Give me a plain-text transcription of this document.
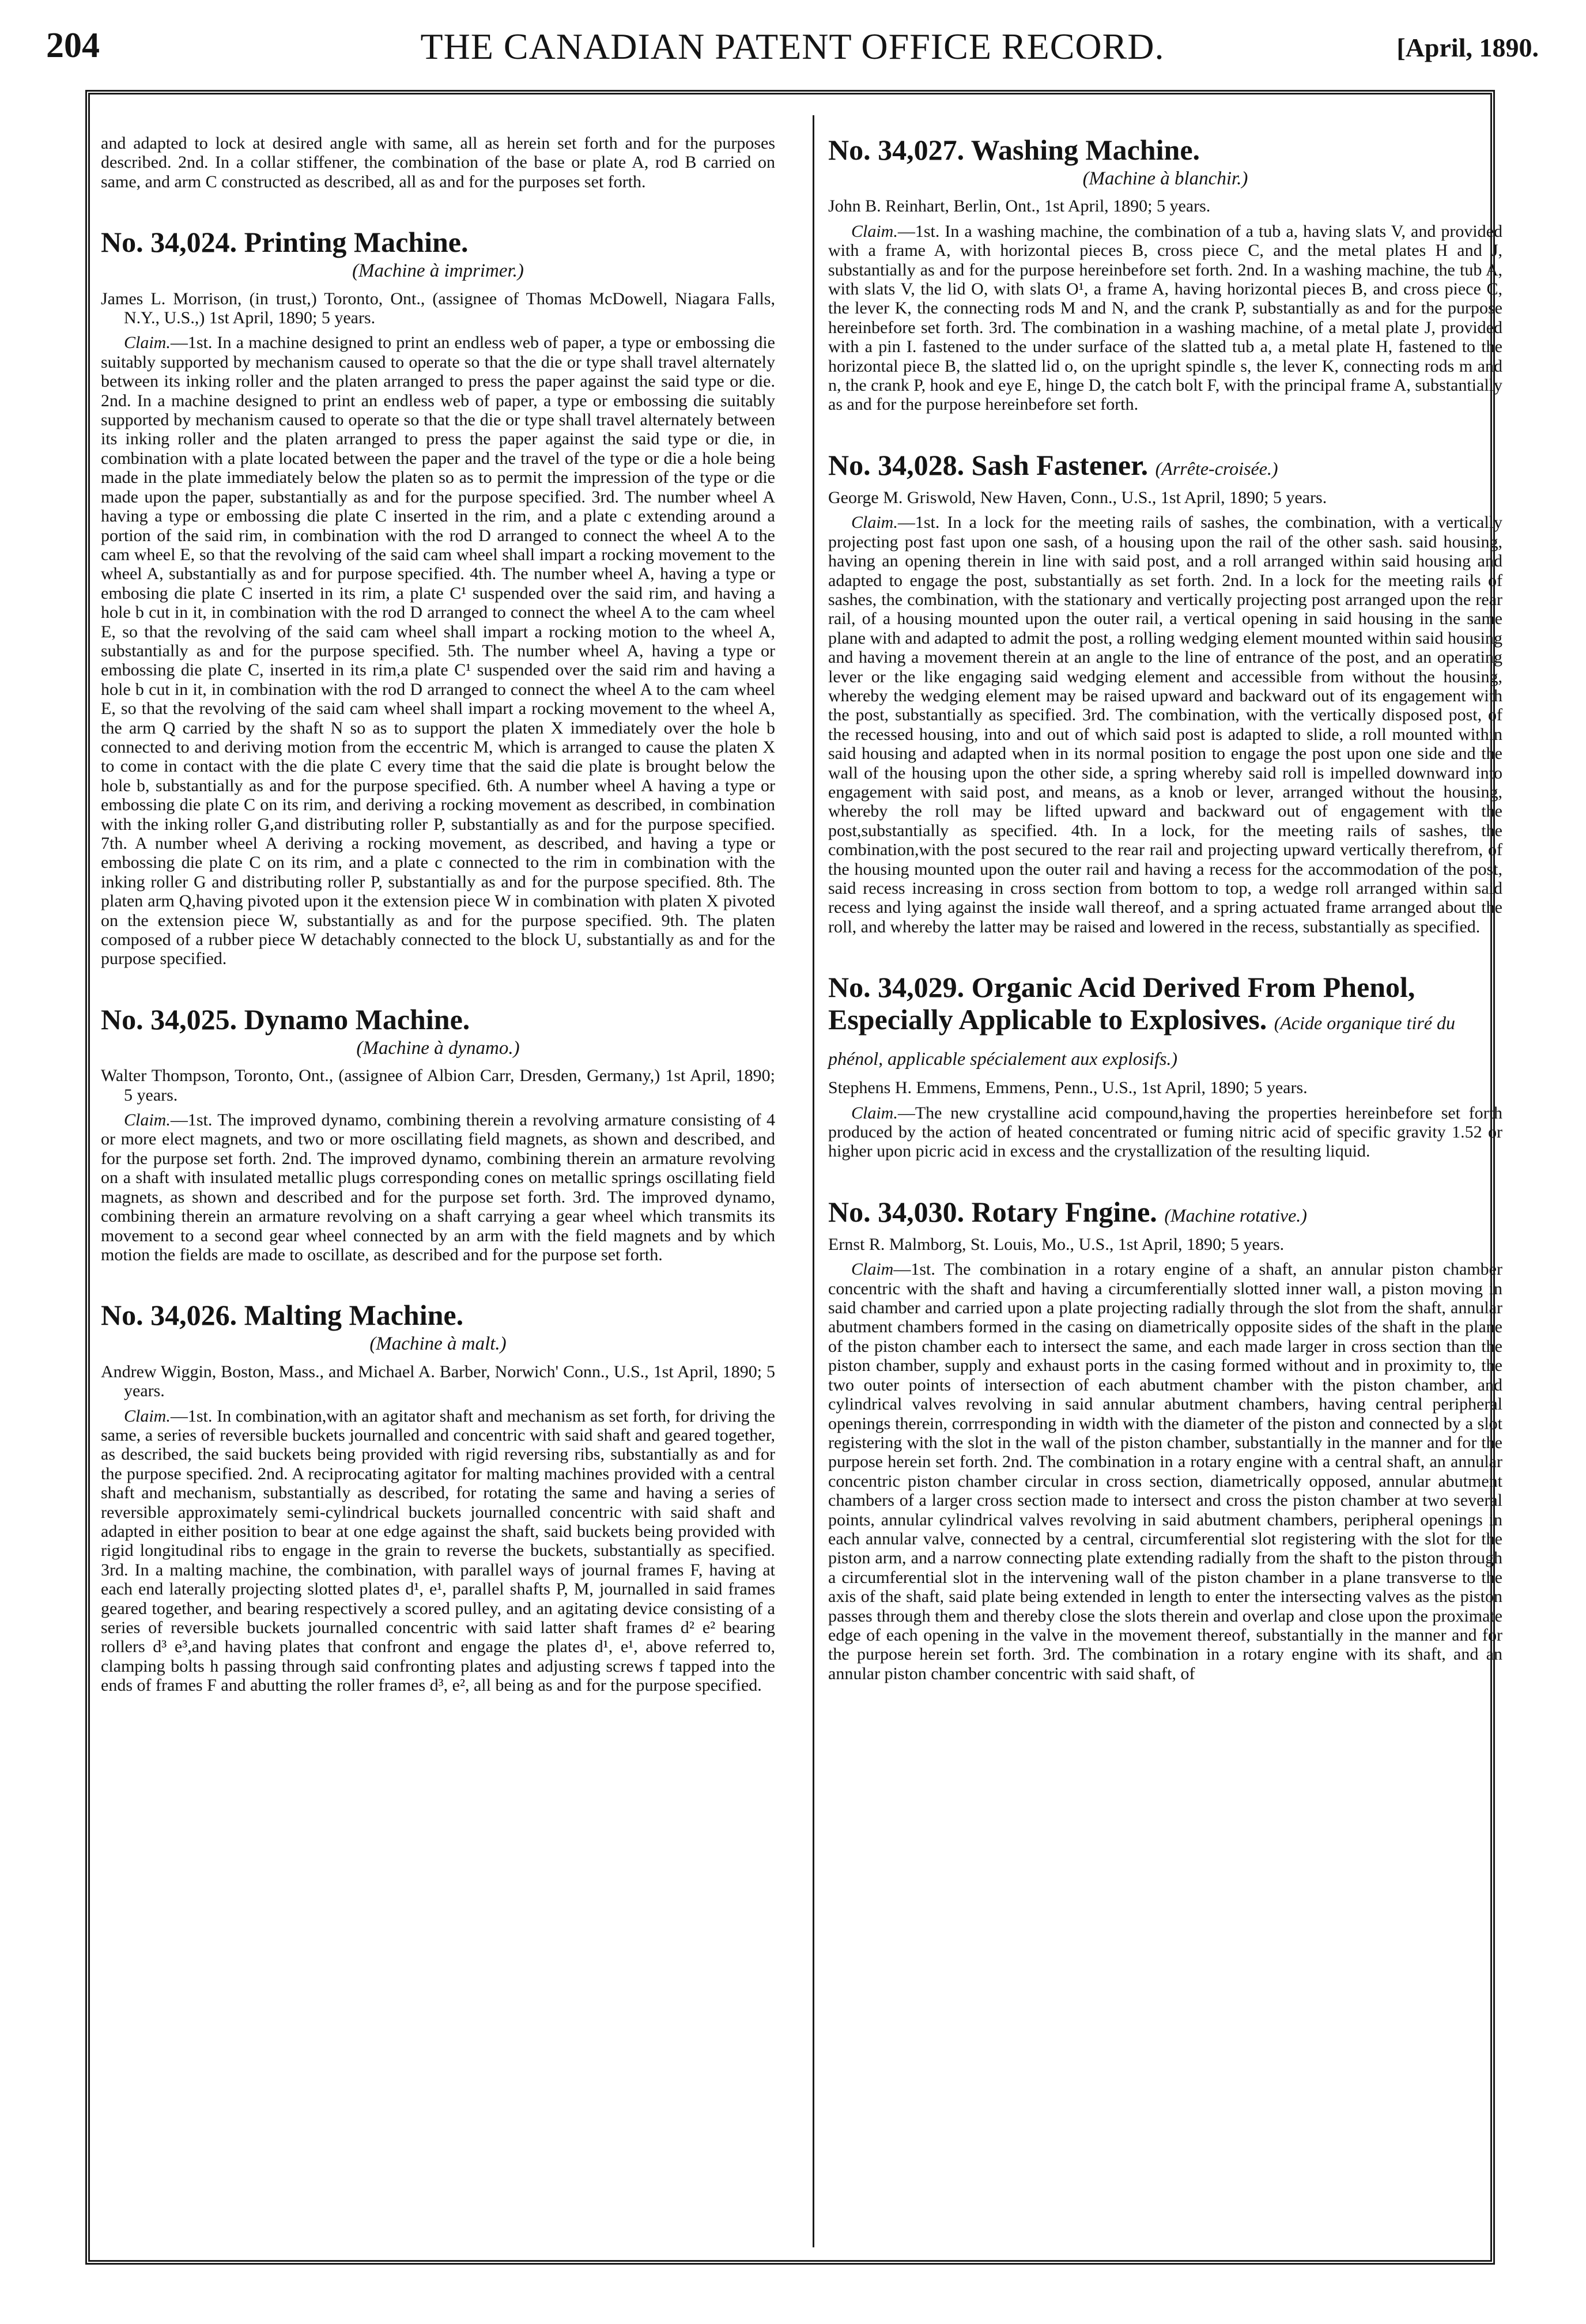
204	THE CANADIAN PATENT OFFICE RECORD.	[April, 1890.

and adapted to lock at desired angle with same, all as herein set forth and for the purposes described. 2nd. In a collar stiffener, the combination of the base or plate A, rod B carried on same, and arm C constructed as described, all as and for the purposes set forth.

No. 34,024. Printing Machine.
(Machine à imprimer.)

James L. Morrison, (in trust,) Toronto, Ont., (assignee of Thomas McDowell, Niagara Falls, N.Y., U.S.,) 1st April, 1890; 5 years.

Claim.—1st. In a machine designed to print an endless web of paper, a type or embossing die suitably supported by mechanism caused to operate so that the die or type shall travel alternately between its inking roller and the platen arranged to press the paper against the said type or die. 2nd. In a machine designed to print an endless web of paper, a type or embossing die suitably supported by mechanism caused to operate so that the die or type shall travel alternately between its inking roller and the platen arranged to press the paper against the said type or die, in combination with a plate located between the paper and the travel of the type or die a hole being made in the plate immediately below the platen so as to permit the impression of the type or die made upon the paper, substantially as and for the purpose specified. 3rd. The number wheel A having a type or embossing die plate C inserted in the rim, and a plate c extending around a portion of the said rim, in combination with the rod D arranged to connect the wheel A to the cam wheel E, so that the revolving of the said cam wheel shall impart a rocking movement to the wheel A, substantially as and for purpose specified. 4th. The number wheel A, having a type or embosing die plate C inserted in its rim, a plate C¹ suspended over the said rim, and having a hole b cut in it, in combination with the rod D arranged to connect the wheel A to the cam wheel E, so that the revolving of the said cam wheel shall impart a rocking motion to the wheel A, substantially as and for the purpose specified. 5th. The number wheel A, having a type or embossing die plate C, inserted in its rim,a plate C¹ suspended over the said rim and having a hole b cut in it, in combination with the rod D arranged to connect the wheel A to the cam wheel E, so that the revolving of the said cam wheel shall impart a rocking movement to the wheel A, the arm Q carried by the shaft N so as to support the platen X immediately over the hole b connected to and deriving motion from the eccentric M, which is arranged to cause the platen X to come in contact with the die plate C every time that the said die plate is brought below the hole b, substantially as and for the purpose specified. 6th. A number wheel A having a type or embossing die plate C on its rim, and deriving a rocking movement as described, in combination with the inking roller G,and distributing roller P, substantially as and for the purpose specified. 7th. A number wheel A deriving a rocking movement, as described, and having a type or embossing die plate C on its rim, and a plate c connected to the rim in combination with the inking roller G and distributing roller P, substantially as and for the purpose specified. 8th. The platen arm Q,having pivoted upon it the extension piece W in combination with platen X pivoted on the extension piece W, substantially as and for the purpose specified. 9th. The platen composed of a rubber piece W detachably connected to the block U, substantially as and for the purpose specified.

No. 34,025. Dynamo Machine.
(Machine à dynamo.)

Walter Thompson, Toronto, Ont., (assignee of Albion Carr, Dresden, Germany,) 1st April, 1890; 5 years.

Claim.—1st. The improved dynamo, combining therein a revolving armature consisting of 4 or more elect magnets, and two or more oscillating field magnets, as shown and described, and for the purpose set forth. 2nd. The improved dynamo, combining therein an armature revolving on a shaft with insulated metallic plugs corresponding cones on metallic springs oscillating field magnets, as shown and described and for the purpose set forth. 3rd. The improved dynamo, combining therein an armature revolving on a shaft carrying a gear wheel which transmits its movement to a second gear wheel connected by an arm with the field magnets and by which motion the fields are made to oscillate, as described and for the purpose set forth.

No. 34,026. Malting Machine.
(Machine à malt.)

Andrew Wiggin, Boston, Mass., and Michael A. Barber, Norwich' Conn., U.S., 1st April, 1890; 5 years.

Claim.—1st. In combination,with an agitator shaft and mechanism as set forth, for driving the same, a series of reversible buckets journalled and concentric with said shaft and geared together, as described, the said buckets being provided with rigid reversing ribs, substantially as and for the purpose specified. 2nd. A reciprocating agitator for malting machines provided with a central shaft and mechanism, substantially as described, for rotating the same and having a series of reversible approximately semi-cylindrical buckets journalled concentric with said shaft and adapted in either position to bear at one edge against the shaft, said buckets being provided with rigid longitudinal ribs to engage in the grain to reverse the buckets, substantially as specified. 3rd. In a malting machine, the combination, with parallel ways of journal frames F, having at each end laterally projecting slotted plates d¹, e¹, parallel shafts P, M, journalled in said frames geared together, and bearing respectively a scored pulley, and an agitating device consisting of a series of reversible buckets journalled concentric with said latter shaft frames d² e² bearing rollers d³ e³,and having plates that confront and engage the plates d¹, e¹, above referred to, clamping bolts h passing through said confronting plates and adjusting screws f tapped into the ends of frames F and abutting the roller frames d³, e², all being as and for the purpose specified.

No. 34,027. Washing Machine.
(Machine à blanchir.)

John B. Reinhart, Berlin, Ont., 1st April, 1890; 5 years.

Claim.—1st. In a washing machine, the combination of a tub a, having slats V, and provided with a frame A, with horizontal pieces B, cross piece C, and the metal plates H and J, substantially as and for the purpose hereinbefore set forth. 2nd. In a washing machine, the tub A, with slats V, the lid O, with slats O¹, a frame A, having horizontal pieces B, and cross piece C, the lever K, the connecting rods M and N, and the crank P, substantially as and for the purpose hereinbefore set forth. 3rd. The combination in a washing machine, of a metal plate J, provided with a pin I. fastened to the under surface of the slatted tub a, a metal plate H, fastened to the horizontal piece B, the slatted lid o, on the upright spindle s, the lever K, connecting rods m and n, the crank P, hook and eye E, hinge D, the catch bolt F, with the principal frame A, substantially as and for the purpose hereinbefore set forth.

No. 34,028. Sash Fastener. (Arrête-croisée.)

George M. Griswold, New Haven, Conn., U.S., 1st April, 1890; 5 years.

Claim.—1st. In a lock for the meeting rails of sashes, the combination, with a vertically projecting post fast upon one sash, of a housing upon the rail of the other sash. said housing, having an opening therein in line with said post, and a roll arranged within said housing and adapted to engage the post, substantially as set forth. 2nd. In a lock for the meeting rails of sashes, the combination, with the stationary and vertically projecting post arranged upon the rear rail, of a housing mounted upon the outer rail, a vertical opening in said housing in the same plane with and adapted to admit the post, a rolling wedging element mounted within said housing and having a movement therein at an angle to the line of entrance of the post, and an operating lever or the like engaging said wedging element and accessible from without the housing, whereby the wedging element may be raised upward and backward out of its engagement with the post, substantially as specified. 3rd. The combination, with the vertically disposed post, of the recessed housing, into and out of which said post is adapted to slide, a roll mounted within said housing and adapted when in its normal position to engage the post upon one side and the wall of the housing upon the other side, a spring whereby said roll is impelled downward into engagement with said post, and means, as a knob or lever, arranged without the housing, whereby the roll may be lifted upward and backward out of engagement with the post,substantially as specified. 4th. In a lock, for the meeting rails of sashes, the combination,with the post secured to the rear rail and projecting upward vertically therefrom, of the housing mounted upon the outer rail and having a recess for the accommodation of the post, said recess increasing in cross section from bottom to top, a wedge roll arranged within said recess and lying against the inside wall thereof, and a spring actuated frame arranged about the roll, and whereby the latter may be raised and lowered in the recess, substantially as specified.

No. 34,029. Organic Acid Derived From Phenol, Especially Applicable to Explosives. (Acide organique tiré du phénol, applicable spécialement aux explosifs.)

Stephens H. Emmens, Emmens, Penn., U.S., 1st April, 1890; 5 years.

Claim.—The new crystalline acid compound,having the properties hereinbefore set forth produced by the action of heated concentrated or fuming nitric acid of specific gravity 1.52 or higher upon picric acid in excess and the crystallization of the resulting liquid.

No. 34,030. Rotary Fngine. (Machine rotative.)

Ernst R. Malmborg, St. Louis, Mo., U.S., 1st April, 1890; 5 years.

Claim—1st. The combination in a rotary engine of a shaft, an annular piston chamber concentric with the shaft and having a circumferentially slotted inner wall, a piston moving in said chamber and carried upon a plate projecting radially through the slot from the shaft, annular abutment chambers formed in the casing on diametrically opposite sides of the shaft in the plane of the piston chamber each to intersect the same, and each made larger in cross section than the piston chamber, supply and exhaust ports in the casing formed without and in proximity to, the two outer points of intersection of each abutment chamber with the piston chamber, and cylindrical valves revolving in said annular abutment chambers, having central peripheral openings therein, corrresponding in width with the diameter of the piston and connected by a slot registering with the slot in the wall of the piston chamber, substantially in the manner and for the purpose herein set forth. 2nd. The combination in a rotary engine with a central shaft, an annular concentric piston chamber circular in cross section, diametrically opposed, annular abutment chambers of a larger cross section made to intersect and cross the piston chamber at two several points, annular cylindrical valves revolving in said abutment chambers, peripheral openings in each annular valve, connected by a central, circumferential slot registering with the slot for the piston arm, and a narrow connecting plate extending radially from the shaft to the piston through a circumferential slot in the intervening wall of the piston chamber in a plane transverse to the axis of the shaft, said plate being extended in length to enter the intersecting valves as the piston passes through them and thereby close the slots therein and overlap and close upon the proximate edge of each opening in the valve in the movement thereof, substantially in the manner and for the purpose herein set forth. 3rd. The combination in a rotary engine with its shaft, and an annular piston chamber concentric with said shaft, of
